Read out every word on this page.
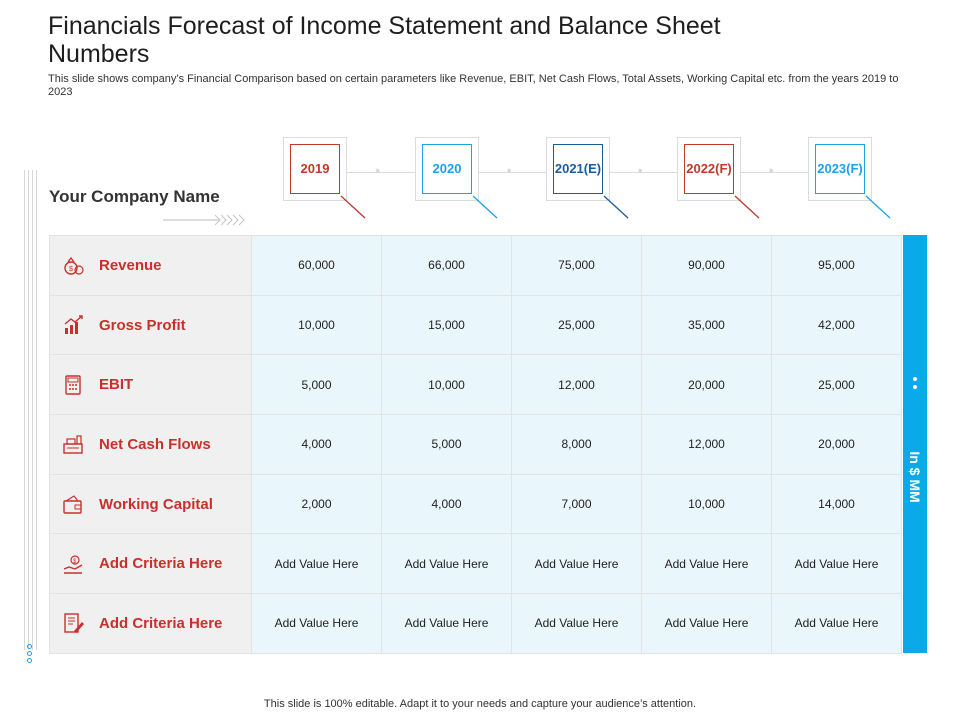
Financials Forecast of Income Statement and Balance Sheet Numbers

This slide shows company’s Financial Comparison based on certain parameters like Revenue, EBIT, Net Cash Flows, Total Assets, Working Capital etc. from the years 2019 to 2023

Your Company Name
›››	›››	›››	›››
2019	2020	2021 (E)	2022 (F)	2023 (F)
$ Revenue	60,000	66,000	75,000	90,000	95,000

Gross Profit	10,000	15,000	25,000	35,000	42,000

EBIT	5,000	10,000	12,000	20,000	25,000

Net Cash Flows	4,000	5,000	8,000	12,000	20,000

Working Capital	2,000	4,000	7,000	10,000	14,000

$ Add Criteria Here	Add Value Here	Add Value Here	Add Value Here	Add Value Here	Add Value Here

Add Criteria Here	Add Value Here	Add Value Here	Add Value Here	Add Value Here	Add Value Here
In $ MM
This slide is 100% editable. Adapt it to your needs and capture your audience’s attention.
